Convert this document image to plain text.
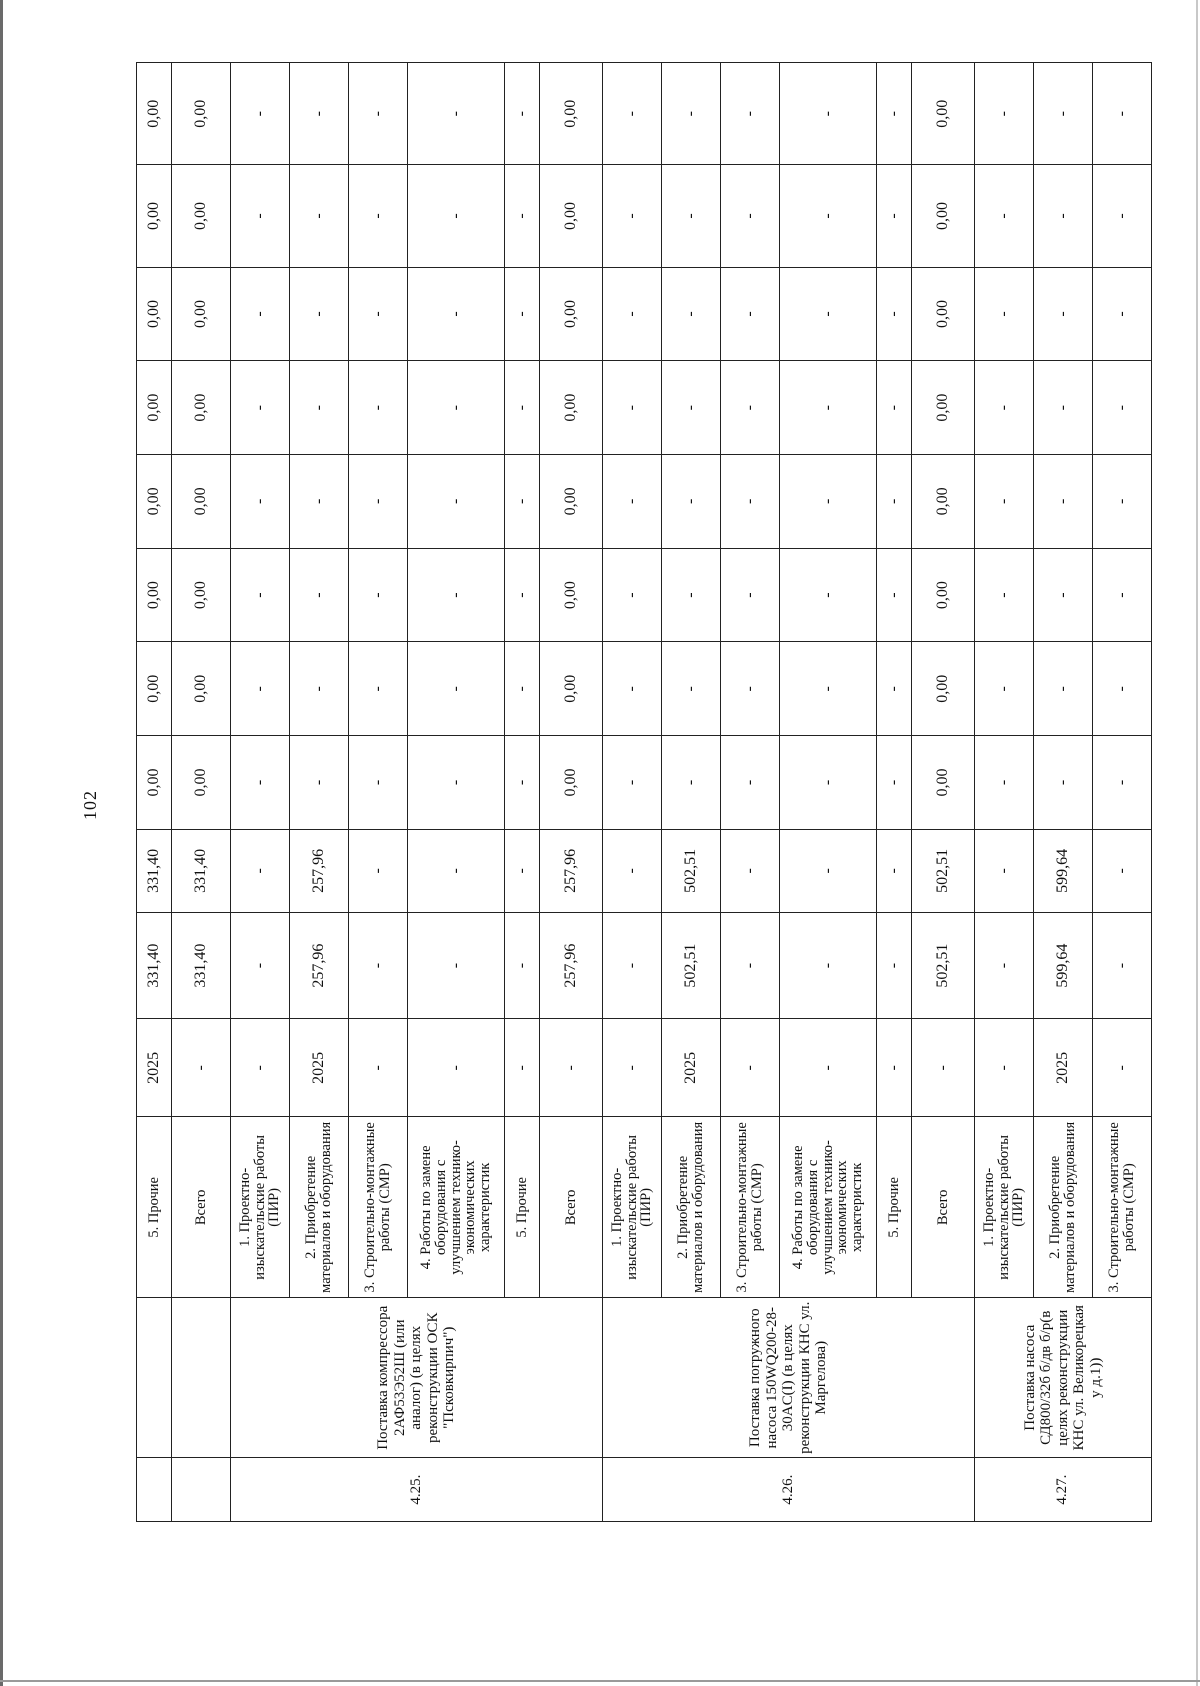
102
		5. Прочие	2025	331,40	331,40	0,00	0,00	0,00	0,00	0,00	0,00	0,00	0,00
		Всего	-	331,40	331,40	0,00	0,00	0,00	0,00	0,00	0,00	0,00	0,00
4.25.	Поставка компрессора 2АФ53Э52Ш (или аналог) (в целях реконструкции ОСК "Псковкирпич")	1. Проектно-изыскательские работы (ПИР)	-	-	-	-	-	-	-	-	-	-	-
		2. Приобретение материалов и оборудования	2025	257,96	257,96	-	-	-	-	-	-	-	-
		3. Строительно-монтажные работы (СМР)	-	-	-	-	-	-	-	-	-	-	-
		4. Работы по замене оборудования с улучшением технико-экономических характеристик	-	-	-	-	-	-	-	-	-	-	-
		5. Прочие	-	-	-	-	-	-	-	-	-	-	-
		Всего	-	257,96	257,96	0,00	0,00	0,00	0,00	0,00	0,00	0,00	0,00
4.26.	Поставка погружного насоса 150WQ200-28-30AC(I) (в целях реконструкции КНС ул. Маргелова)	1. Проектно-изыскательские работы (ПИР)	-	-	-	-	-	-	-	-	-	-	-
		2. Приобретение материалов и оборудования	2025	502,51	502,51	-	-	-	-	-	-	-	-
		3. Строительно-монтажные работы (СМР)	-	-	-	-	-	-	-	-	-	-	-
		4. Работы по замене оборудования с улучшением технико-экономических характеристик	-	-	-	-	-	-	-	-	-	-	-
		5. Прочие	-	-	-	-	-	-	-	-	-	-	-
		Всего	-	502,51	502,51	0,00	0,00	0,00	0,00	0,00	0,00	0,00	0,00
4.27.	Поставка насоса СД800/32б б/дв б/р(в целях реконструкции КНС ул. Великорецкая у д.1))	1. Проектно-изыскательские работы (ПИР)	-	-	-	-	-	-	-	-	-	-	-
		2. Приобретение материалов и оборудования	2025	599,64	599,64	-	-	-	-	-	-	-	-
		3. Строительно-монтажные работы (СМР)	-	-	-	-	-	-	-	-	-	-	-
